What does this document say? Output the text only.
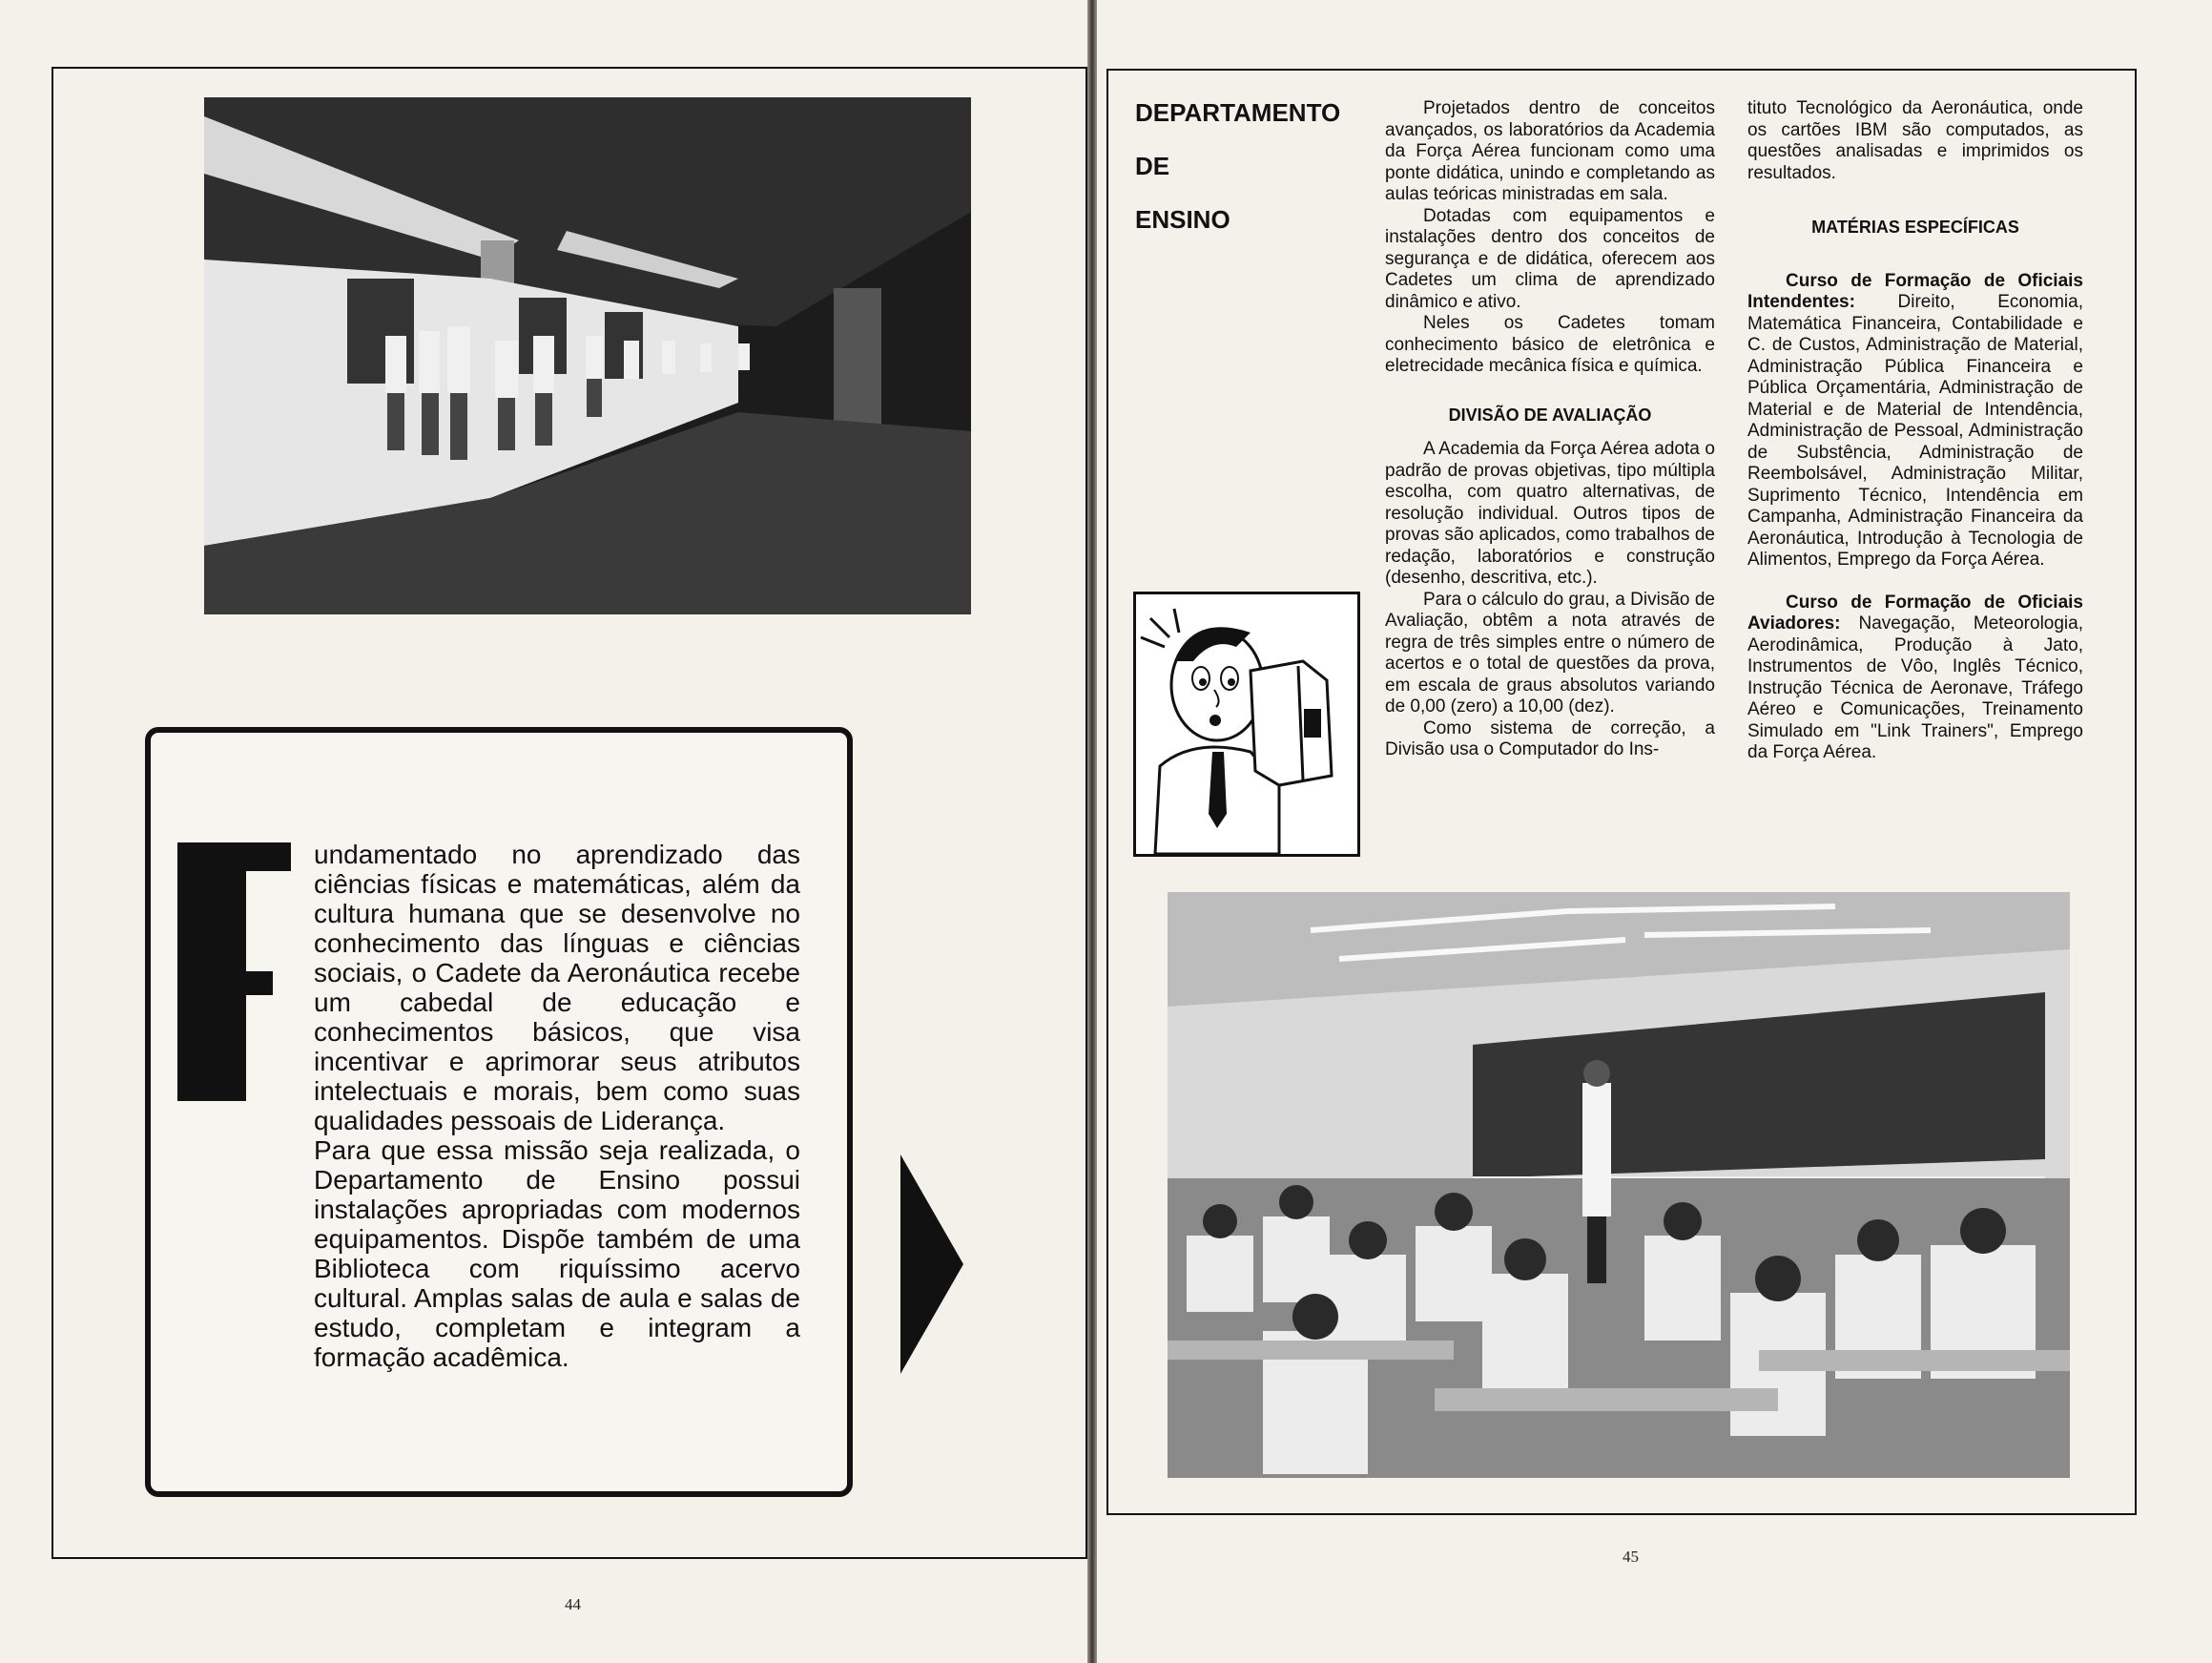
undamentado no aprendizado das ciências físicas e matemáticas, além da cultura humana que se desenvolve no conhecimento das línguas e ciências sociais, o Cadete da Aeronáutica recebe um cabedal de educação e conhecimentos básicos, que visa incentivar e aprimorar seus atributos intelectuais e morais, bem como suas qualidades pessoais de Liderança.

Para que essa missão seja realizada, o Departamento de Ensino possui instalações apropriadas com modernos equipamentos. Dispõe também de uma Biblioteca com riquíssimo acervo cultural. Amplas salas de aula e salas de estudo, completam e integram a formação acadêmica.

44
DEPARTAMENTO
DE
ENSINO

Projetados dentro de conceitos avançados, os laboratórios da Academia da Força Aérea funcionam como uma ponte didática, unindo e completando as aulas teóricas ministradas em sala.

Dotadas com equipamentos e instalações dentro dos conceitos de segurança e de didática, oferecem aos Cadetes um clima de aprendizado dinâmico e ativo.

Neles os Cadetes tomam conhecimento básico de eletrônica e eletrecidade mecânica física e química.

DIVISÃO DE AVALIAÇÃO

A Academia da Força Aérea adota o padrão de provas objetivas, tipo múltipla escolha, com quatro alternativas, de resolução individual. Outros tipos de provas são aplicados, como trabalhos de redação, laboratórios e construção (desenho, descritiva, etc.).

Para o cálculo do grau, a Divisão de Avaliação, obtêm a nota através de regra de três simples entre o número de acertos e o total de questões da prova, em escala de graus absolutos variando de 0,00 (zero) a 10,00 (dez).

Como sistema de correção, a Divisão usa o Computador do Ins-

tituto Tecnológico da Aeronáutica, onde os cartões IBM são computados, as questões analisadas e imprimidos os resultados.

MATÉRIAS ESPECÍFICAS

Curso de Formação de Oficiais Intendentes: Direito, Economia, Matemática Financeira, Contabilidade e C. de Custos, Administração de Material, Administração Pública Financeira e Pública Orçamentária, Administração de Material e de Material de Intendência, Administração de Pessoal, Administração de Substência, Administração de Reembolsável, Administração Militar, Suprimento Técnico, Intendência em Campanha, Administração Financeira da Aeronáutica, Introdução à Tecnologia de Alimentos, Emprego da Força Aérea.

Curso de Formação de Oficiais Aviadores: Navegação, Meteorologia, Aerodinâmica, Produção à Jato, Instrumentos de Vôo, Inglês Técnico, Instrução Técnica de Aeronave, Tráfego Aéreo e Comunicações, Treinamento Simulado em "Link Trainers", Emprego da Força Aérea.

45
